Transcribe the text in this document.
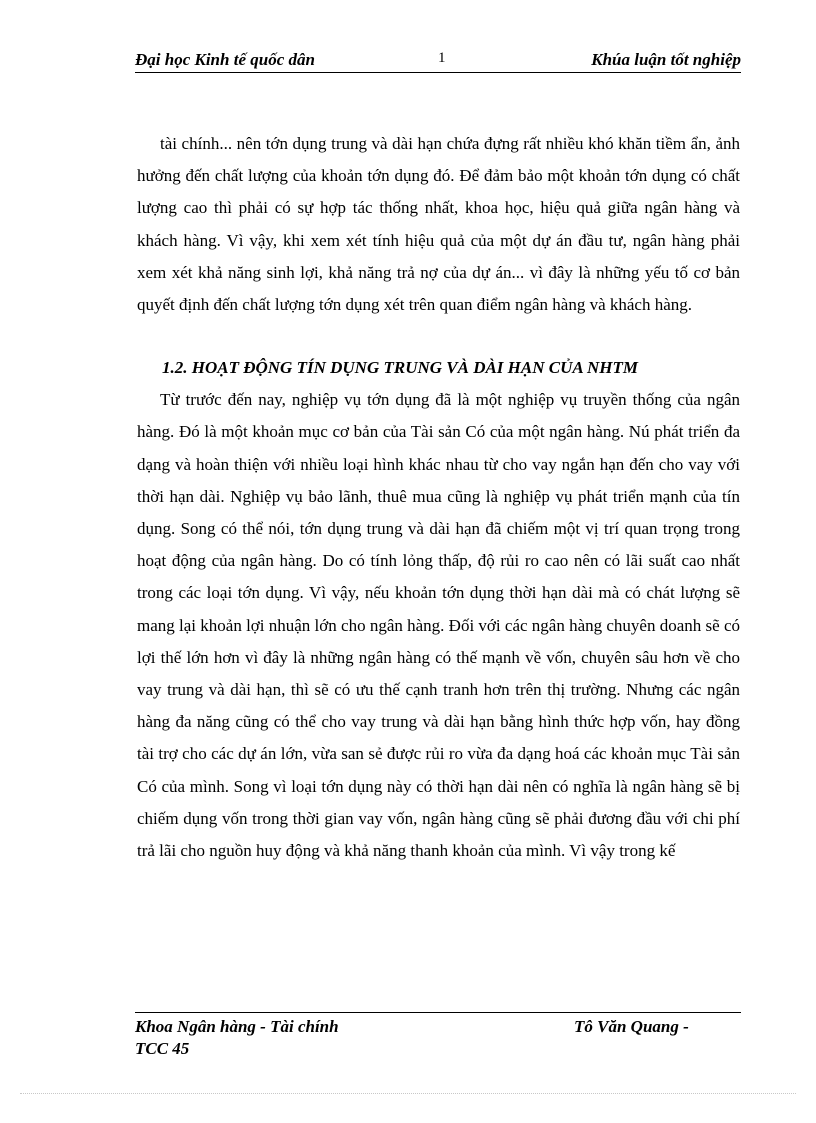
Đại học Kinh tế quốc dân	1	Khúa luận tốt nghiệp

tài chính... nên tớn dụng trung và dài hạn chứa đựng rất nhiều khó khăn tiềm ẩn, ảnh hưởng đến chất lượng của khoản tớn dụng đó. Để đảm bảo một khoản tớn dụng có chất lượng cao thì phải có sự hợp tác thống nhất, khoa học, hiệu quả giữa ngân hàng và khách hàng. Vì vậy, khi xem xét tính hiệu quả của một dự án đầu tư, ngân hàng phải xem xét khả năng sinh lợi, khả năng trả nợ của dự án... vì đây là những yếu tố cơ bản quyết định đến chất lượng tớn dụng xét trên quan điểm ngân hàng và khách hàng.

1.2. HOẠT ĐỘNG TÍN DỤNG TRUNG VÀ DÀI HẠN CỦA NHTM

Từ trước đến nay, nghiệp vụ tớn dụng đã là một nghiệp vụ truyền thống của ngân hàng. Đó là một khoản mục cơ bản của Tài sản Có của một ngân hàng. Nú phát triển đa dạng và hoàn thiện với nhiều loại hình khác nhau từ cho vay ngắn hạn đến cho vay với thời hạn dài. Nghiệp vụ bảo lãnh, thuê mua cũng là nghiệp vụ phát triển mạnh của tín dụng. Song có thể nói, tớn dụng trung và dài hạn đã chiếm một vị trí quan trọng trong hoạt động của ngân hàng. Do có tính lỏng thấp, độ rủi ro cao nên có lãi suất cao nhất trong các loại tớn dụng. Vì vậy, nếu khoản tớn dụng thời hạn dài mà có chát lượng sẽ mang lại khoản lợi nhuận lớn cho ngân hàng. Đối với các ngân hàng chuyên doanh sẽ có lợi thế lớn hơn vì đây là những ngân hàng có thế mạnh về vốn, chuyên sâu hơn về cho vay trung và dài hạn, thì sẽ có ưu thế cạnh tranh hơn trên thị trường. Nhưng các ngân hàng đa năng cũng có thể cho vay trung và dài hạn bằng hình thức hợp vốn, hay đồng tài trợ cho các dự án lớn, vừa san sẻ được rủi ro vừa đa dạng hoá các khoản mục Tài sản Có của mình. Song vì loại tớn dụng này có thời hạn dài nên có nghĩa là ngân hàng sẽ bị chiếm dụng vốn trong thời gian vay vốn, ngân hàng cũng sẽ phải đương đầu với chi phí trả lãi cho nguồn huy động và khả năng thanh khoản của mình. Vì vậy trong kế

Khoa Ngân hàng - Tài chính
TCC 45
Tô Văn Quang -
